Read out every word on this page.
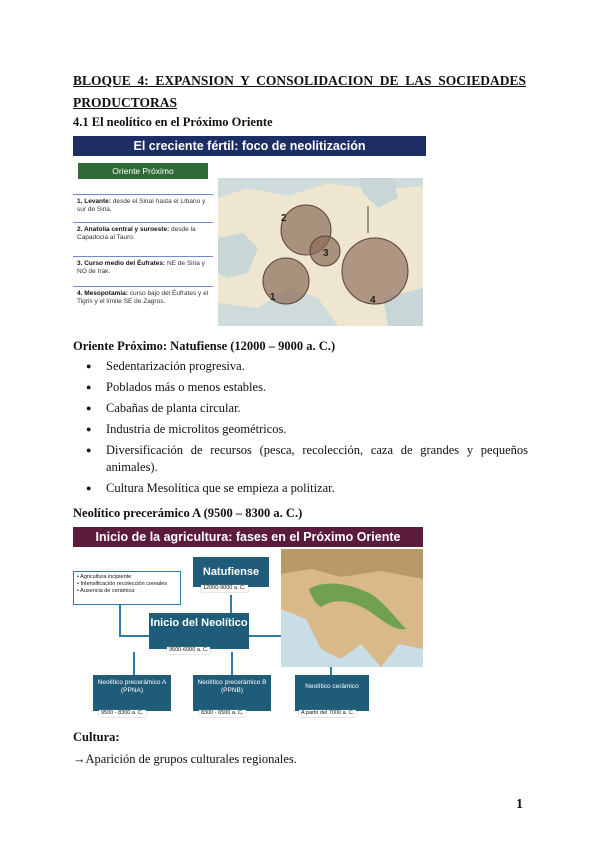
BLOQUE 4: EXPANSION Y CONSOLIDACION DE LAS SOCIEDADES PRODUCTORAS
4.1 El neolítico en el Próximo Oriente
El creciente fértil: foco de neolitización
Oriente Próximo
1. Levante: desde el Sinaí hasta el Líbano y sur de Siria.
2. Anatolia central y suroeste: desde la Capadocia al Tauro.
3. Curso medio del Éufrates: NE de Siria y NO de Irak.
4. Mesopotamia: curso bajo del Éufrates y el Tigris y el límite SE de Zagros.
2
3
1	4
Oriente Próximo: Natufiense (12000 – 9000 a. C.)
● Sedentarización progresiva.
● Poblados más o menos estables.
● Cabañas de planta circular.
● Industria de microlitos geométricos.
● Diversificación de recursos (pesca, recolección, caza de grandes y pequeños animales).
● Cultura Mesolítica que se empieza a politizar.
Neolítico precerámico A (9500 – 8300 a. C.)
Inicio de la agricultura: fases en el Próximo Oriente
• Agricultura incipiente
• Intensificación recolección cereales
• Ausencia de cerámica
Natufiense
12000-9000 a. C.
Inicio del Neolítico
9500-6000 a. C.
Neolítico precerámico A (PPNA)
9500 - 8300 a. C.
Neolítico precerámico B (PPNB)
8300 - 6500 a. C.
Neolítico cerámico
A partir del 7000 a. C.
Cultura:
→Aparición de grupos culturales regionales.
1
